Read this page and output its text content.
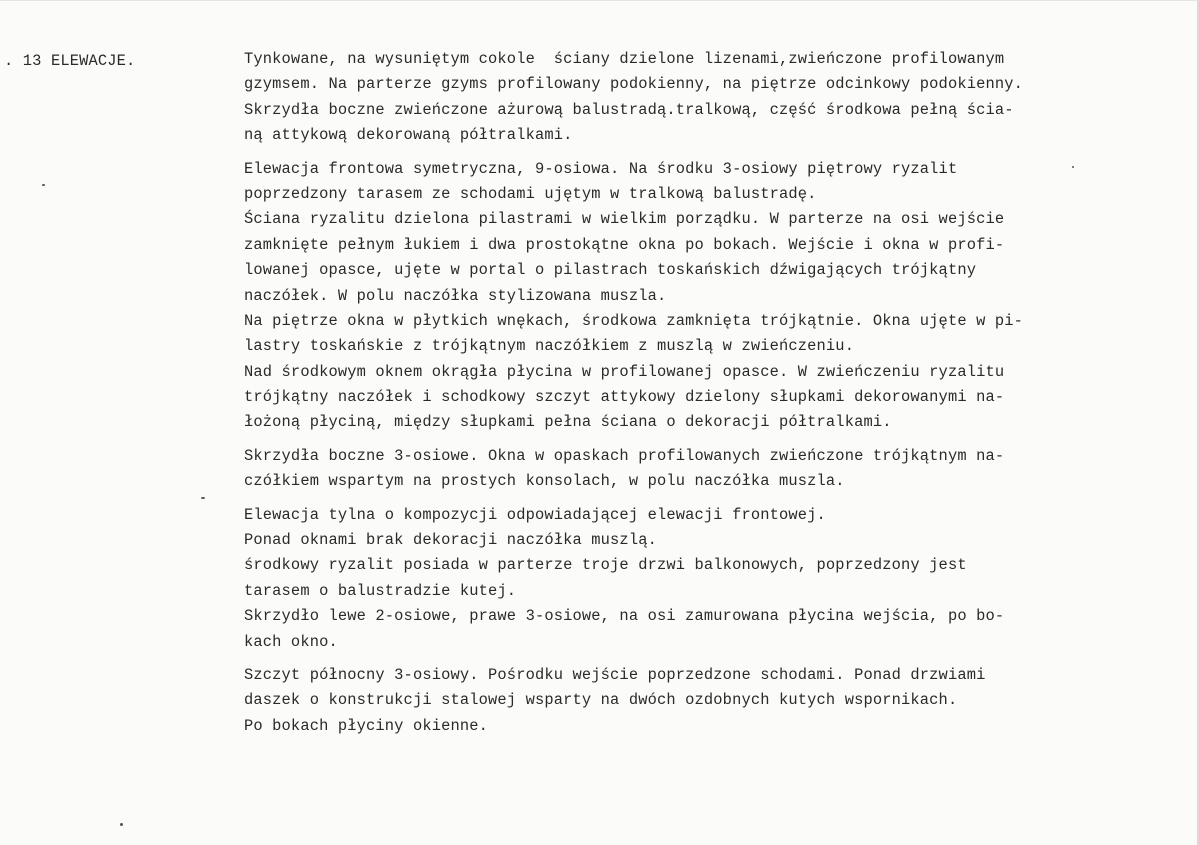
. 13 ELEWACJE.	Tynkowane, na wysuniętym cokole  ściany dzielone lizenami,zwieńczone profilowanym
gzymsem. Na parterze gzyms profilowany podokienny, na piętrze odcinkowy podokienny.
Skrzydła boczne zwieńczone ażurową balustradą.tralkową, część środkowa pełną ścia-
ną attykową dekorowaną półtralkami.
Elewacja frontowa symetryczna, 9-osiowa. Na środku 3-osiowy piętrowy ryzalit
poprzedzony tarasem ze schodami ujętym w tralkową balustradę.
Ściana ryzalitu dzielona pilastrami w wielkim porządku. W parterze na osi wejście
zamknięte pełnym łukiem i dwa prostokątne okna po bokach. Wejście i okna w profi-
lowanej opasce, ujęte w portal o pilastrach toskańskich dźwigających trójkątny
naczółek. W polu naczółka stylizowana muszla.
Na piętrze okna w płytkich wnękach, środkowa zamknięta trójkątnie. Okna ujęte w pi-
lastry toskańskie z trójkątnym naczółkiem z muszlą w zwieńczeniu.
Nad środkowym oknem okrągła płycina w profilowanej opasce. W zwieńczeniu ryzalitu
trójkątny naczółek i schodkowy szczyt attykowy dzielony słupkami dekorowanymi na-
łożoną płyciną, między słupkami pełna ściana o dekoracji półtralkami.
Skrzydła boczne 3-osiowe. Okna w opaskach profilowanych zwieńczone trójkątnym na-
czółkiem wspartym na prostych konsolach, w polu naczółka muszla.
Elewacja tylna o kompozycji odpowiadającej elewacji frontowej.
Ponad oknami brak dekoracji naczółka muszlą.
środkowy ryzalit posiada w parterze troje drzwi balkonowych, poprzedzony jest
tarasem o balustradzie kutej.
Skrzydło lewe 2-osiowe, prawe 3-osiowe, na osi zamurowana płycina wejścia, po bo-
kach okno.
Szczyt północny 3-osiowy. Pośrodku wejście poprzedzone schodami. Ponad drzwiami
daszek o konstrukcji stalowej wsparty na dwóch ozdobnych kutych wspornikach.
Po bokach płyciny okienne.
